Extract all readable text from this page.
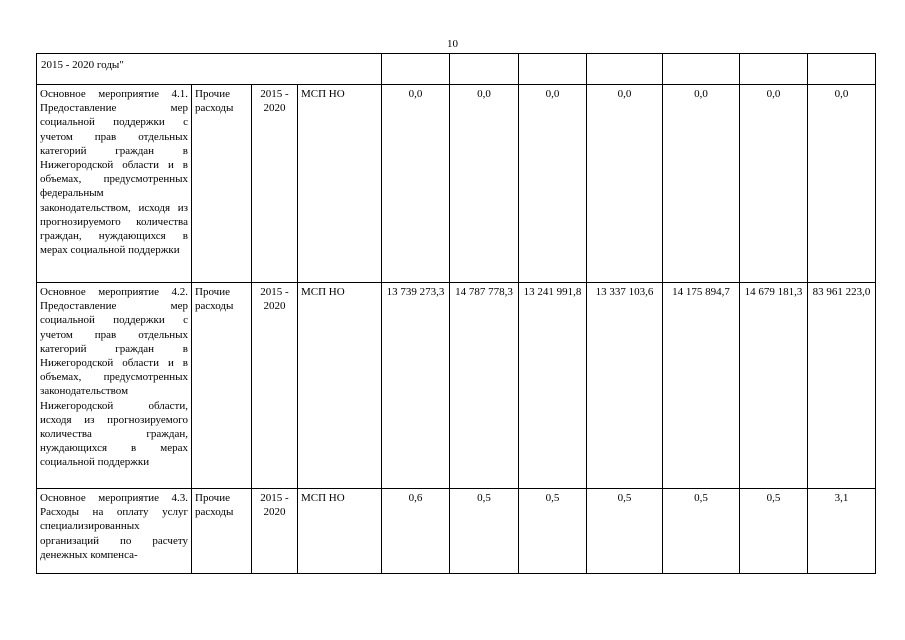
10
2015 - 2020 годы"										
Основное мероприятие 4.1. Предоставление мер социальной поддержки с учетом прав отдельных категорий граждан в Нижегородской области и в объемах, предусмотренных федеральным законодательством, исходя из прогнозируемого количества граждан, нуждающихся в мерах социальной поддержки	Прочие расходы	2015 - 2020	МСП НО	0,0	0,0	0,0	0,0	0,0	0,0	0,0
Основное мероприятие 4.2. Предоставление мер социальной поддержки с учетом прав отдельных категорий граждан в Нижегородской области и в объемах, предусмотренных законодательством Нижегородской области, исходя из прогнозируемого количества граждан, нуждающихся в мерах социальной поддержки	Прочие расходы	2015 - 2020	МСП НО	13 739 273,3	14 787 778,3	13 241 991,8	13 337 103,6	14 175 894,7	14 679 181,3	83 961 223,0
Основное мероприятие 4.3. Расходы на оплату услуг специализированных организаций по расчету денежных компенса-	Прочие расходы	2015 - 2020	МСП НО	0,6	0,5	0,5	0,5	0,5	0,5	3,1
